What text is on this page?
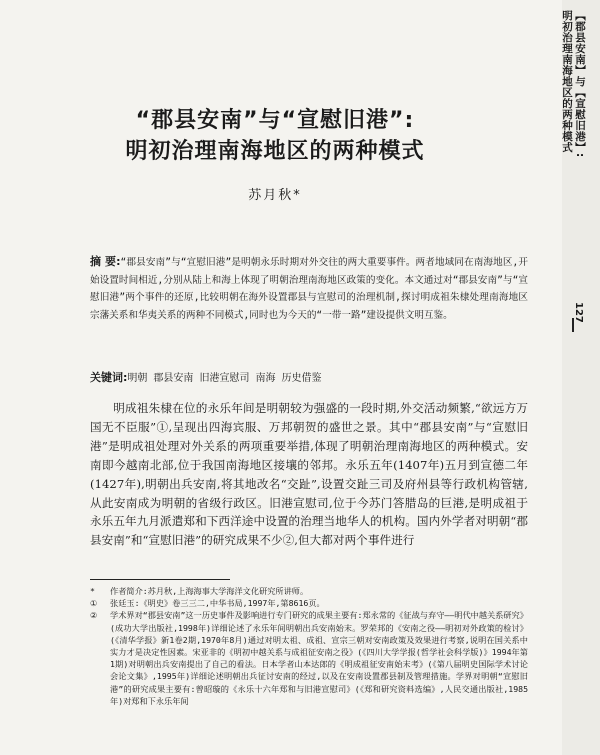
“郡县安南”与“宣慰旧港”:
明初治理南海地区的两种模式
苏月秋*

摘 要:“郡县安南”与“宣慰旧港”是明朝永乐时期对外交往的两大重要事件。两者地域同在南海地区,开始设置时间相近,分别从陆上和海上体现了明朝治理南海地区政策的变化。本文通过对“郡县安南”与“宣慰旧港”两个事件的还原,比较明朝在海外设置郡县与宣慰司的治理机制,探讨明成祖朱棣处理南海地区宗藩关系和华夷关系的两种不同模式,同时也为今天的“一带一路”建设提供文明互鉴。

关键词:明朝 郡县安南 旧港宣慰司 南海 历史借鉴

明成祖朱棣在位的永乐年间是明朝较为强盛的一段时期,外交活动频繁,“欲远方万国无不臣服”①,呈现出四海宾服、万邦朝贺的盛世之景。其中“郡县安南”与“宣慰旧港”是明成祖处理对外关系的两项重要举措,体现了明朝治理南海地区的两种模式。安南即今越南北部,位于我国南海地区接壤的邻邦。永乐五年(1407年)五月到宣德二年(1427年),明朝出兵安南,将其地改名“交趾”,设置交趾三司及府州县等行政机构管辖,从此安南成为明朝的省级行政区。旧港宣慰司,位于今苏门答腊岛的巨港,是明成祖于永乐五年九月派遣郑和下西洋途中设置的治理当地华人的机构。国内外学者对明朝“郡县安南”和“宣慰旧港”的研究成果不少②,但大都对两个事件进行

* 作者简介:苏月秋,上海海事大学海洋文化研究所讲师。

① 张廷玉:《明史》卷三三二,中华书局,1997年,第8616页。

② 学术界对“郡县安南”这一历史事件及影响进行专门研究的成果主要有:郑永常的《征战与弃守——明代中越关系研究》(成功大学出版社,1998年)详细论述了永乐年间明朝出兵安南始末。罗荣邦的《安南之役——明初对外政策的检讨》(《清华学报》新1卷2期,1970年8月)通过对明太祖、成祖、宣宗三朝对安南政策及效果进行考察,说明在国关系中实力才是决定性因素。宋亚非的《明初中越关系与成祖征安南之役》(《四川大学学报(哲学社会科学版)》1994年第1期)对明朝出兵安南提出了自己的看法。日本学者山本达郎的《明成祖征安南始末考》(《第八届明史国际学术讨论会论文集》,1995年)详细论述明朝出兵征讨安南的经过,以及在安南设置郡县制及管理措施。学界对明朝“宣慰旧港”的研究成果主要有:曾昭璇的《永乐十六年郑和与旧港宣慰司》(《郑和研究资料选编》,人民交通出版社,1985年)对郑和下永乐年间

【郡县安南】与【宣慰旧港】:
明初治理南海地区的两种模式
127
